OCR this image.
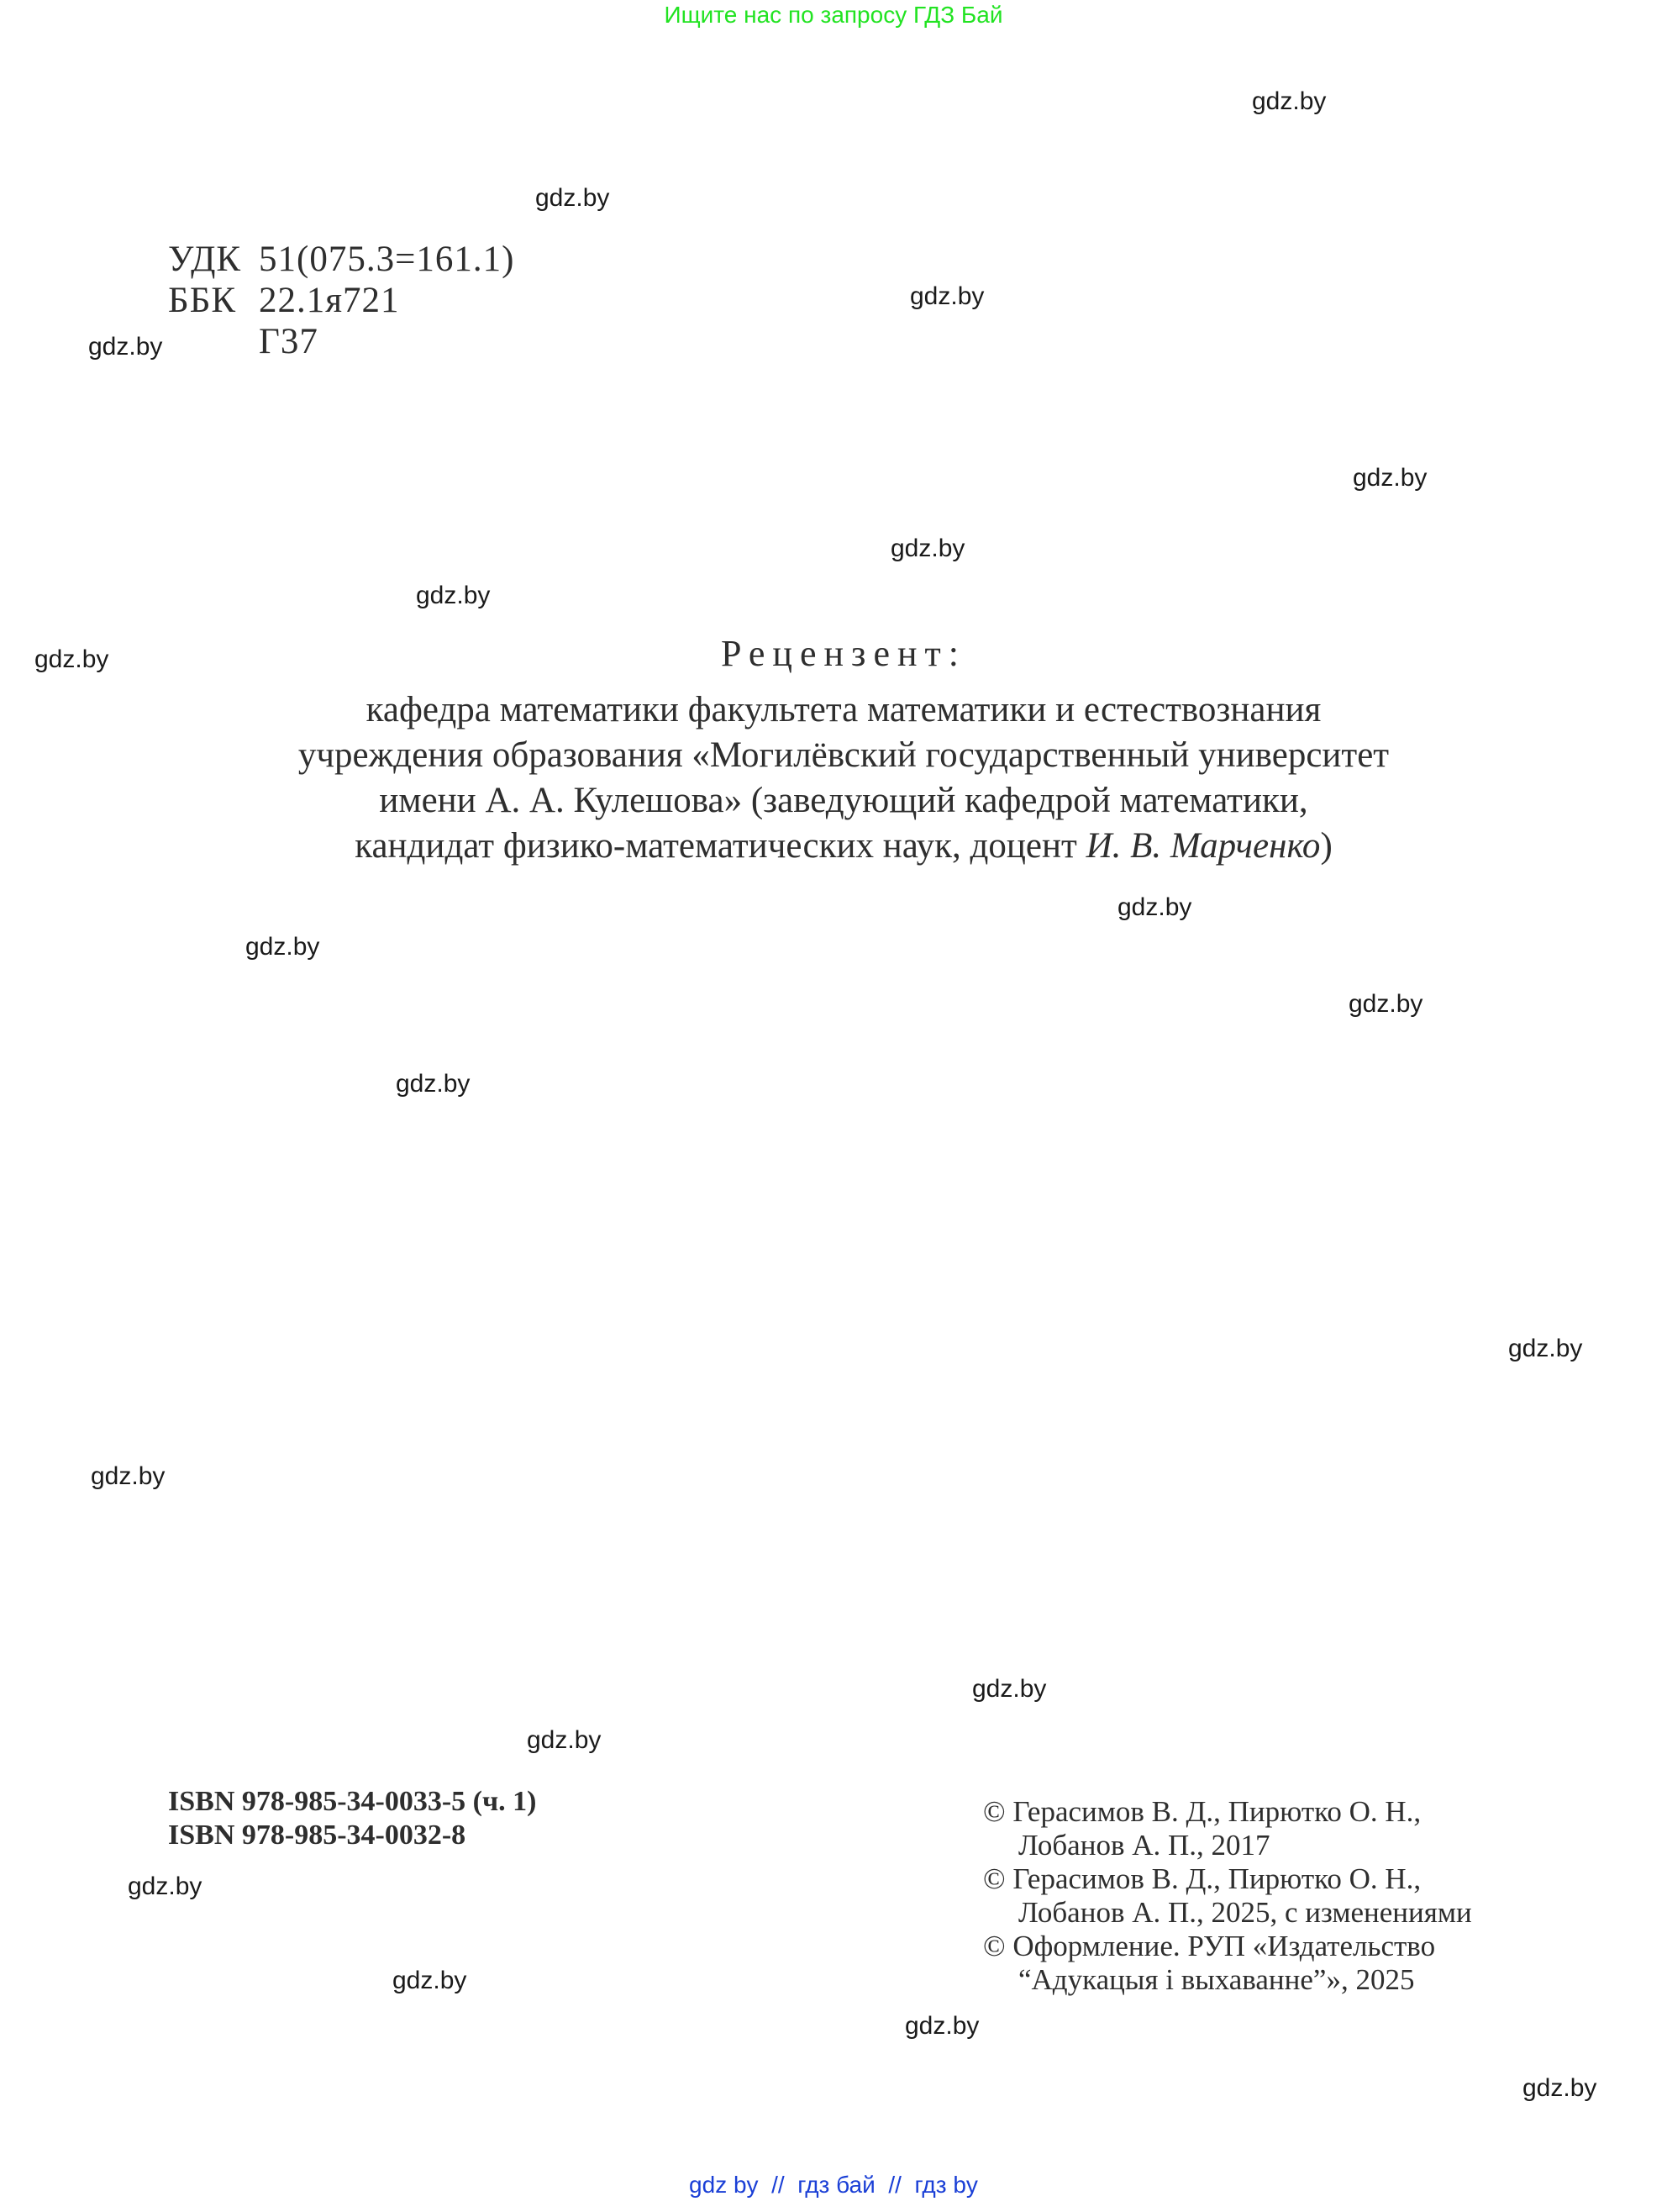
Ищите нас по запросу ГДЗ Бай
gdz.by
gdz.by
gdz.by
gdz.by
gdz.by
gdz.by
gdz.by
gdz.by
gdz.by
gdz.by
gdz.by
gdz.by
gdz.by
gdz.by
gdz.by
gdz.by
gdz.by
gdz.by
gdz.by
gdz.by
УДК 51(075.3=161.1)
ББК 22.1я721
Г37
Рецензент:
кафедра математики факультета математики и естествознания
учреждения образования «Могилёвский государственный университет
имени А. А. Кулешова» (заведующий кафедрой математики,
кандидат физико-математических наук, доцент И. В. Марченко)
ISBN 978-985-34-0033-5 (ч. 1)
ISBN 978-985-34-0032-8
© Герасимов В. Д., Пирютко О. Н.,
Лобанов А. П., 2017
© Герасимов В. Д., Пирютко О. Н.,
Лобанов А. П., 2025, с изменениями
© Оформление. РУП «Издательство
“Адукацыя і выхаванне”», 2025
gdz by // гдз бай // гдз by
